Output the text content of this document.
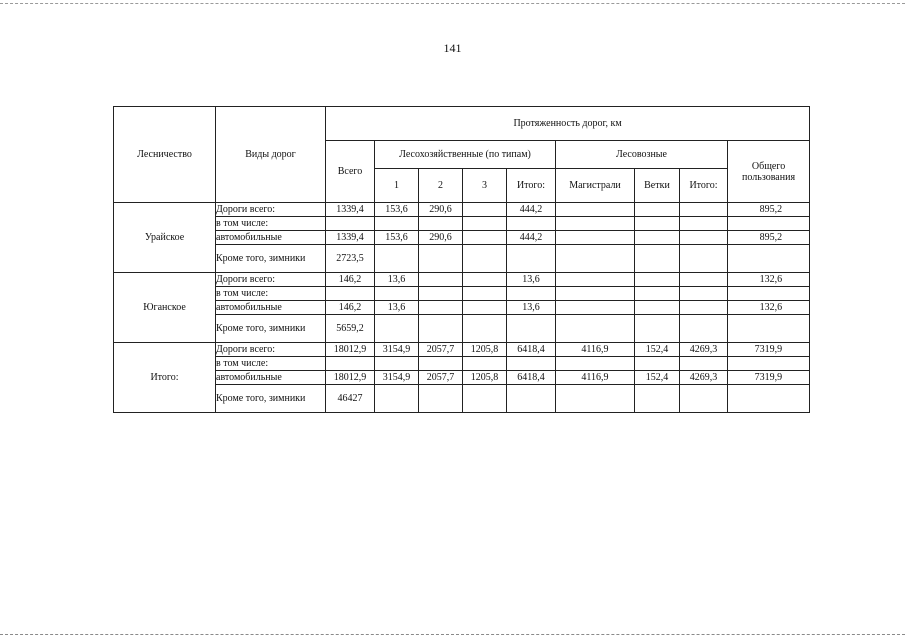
141
Лесничество	Виды дорог	Протяженность дорог, км								
		Всего	Лесохозяйственные (по типам)				Лесовозные			Общего пользования
			1	2	3	Итого:	Магистрали	Ветки	Итого:	
Урайское	Дороги всего:	1339,4	153,6	290,6		444,2				895,2
	в том числе:									
	автомобильные	1339,4	153,6	290,6		444,2				895,2
	Кроме того, зимники	2723,5								
Юганское	Дороги всего:	146,2	13,6			13,6				132,6
	в том числе:									
	автомобильные	146,2	13,6			13,6				132,6
	Кроме того, зимники	5659,2								
Итого:	Дороги всего:	18012,9	3154,9	2057,7	1205,8	6418,4	4116,9	152,4	4269,3	7319,9
	в том числе:									
	автомобильные	18012,9	3154,9	2057,7	1205,8	6418,4	4116,9	152,4	4269,3	7319,9
	Кроме того, зимники	46427								
